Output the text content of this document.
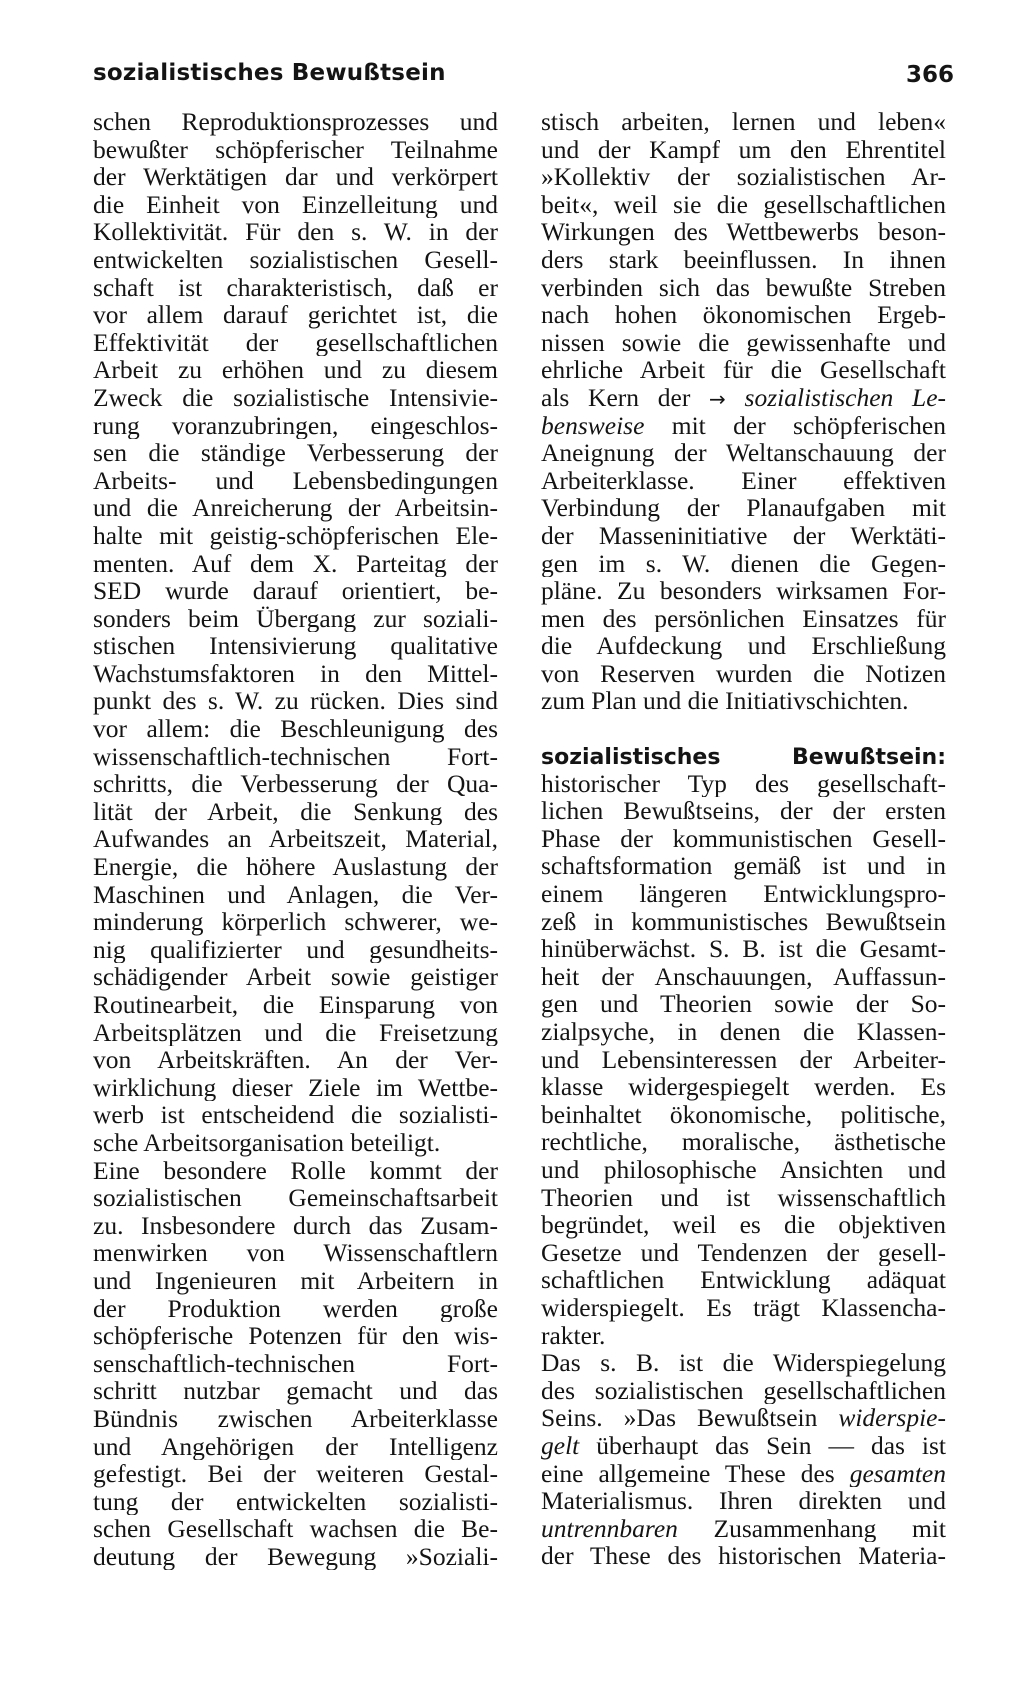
sozialistisches Bewußtsein	366
schen Reproduktionsprozesses und
bewußter schöpferischer Teilnahme
der Werktätigen dar und verkörpert
die Einheit von Einzelleitung und
Kollektivität. Für den s. W. in der
entwickelten sozialistischen Gesell-
schaft ist charakteristisch, daß er
vor allem darauf gerichtet ist, die
Effektivität der gesellschaftlichen
Arbeit zu erhöhen und zu diesem
Zweck die sozialistische Intensivie-
rung voranzubringen, eingeschlos-
sen die ständige Verbesserung der
Arbeits- und Lebensbedingungen
und die Anreicherung der Arbeitsin-
halte mit geistig-schöpferischen Ele-
menten. Auf dem X. Parteitag der
SED wurde darauf orientiert, be-
sonders beim Übergang zur soziali-
stischen Intensivierung qualitative
Wachstumsfaktoren in den Mittel-
punkt des s. W. zu rücken. Dies sind
vor allem: die Beschleunigung des
wissenschaftlich-technischen Fort-
schritts, die Verbesserung der Qua-
lität der Arbeit, die Senkung des
Aufwandes an Arbeitszeit, Material,
Energie, die höhere Auslastung der
Maschinen und Anlagen, die Ver-
minderung körperlich schwerer, we-
nig qualifizierter und gesundheits-
schädigender Arbeit sowie geistiger
Routinearbeit, die Einsparung von
Arbeitsplätzen und die Freisetzung
von Arbeitskräften. An der Ver-
wirklichung dieser Ziele im Wettbe-
werb ist entscheidend die sozialisti-
sche Arbeitsorganisation beteiligt.
Eine besondere Rolle kommt der
sozialistischen Gemeinschaftsarbeit
zu. Insbesondere durch das Zusam-
menwirken von Wissenschaftlern
und Ingenieuren mit Arbeitern in
der Produktion werden große
schöpferische Potenzen für den wis-
senschaftlich-technischen Fort-
schritt nutzbar gemacht und das
Bündnis zwischen Arbeiterklasse
und Angehörigen der Intelligenz
gefestigt. Bei der weiteren Gestal-
tung der entwickelten sozialisti-
schen Gesellschaft wachsen die Be-
deutung der Bewegung »Soziali-
stisch arbeiten, lernen und leben«
und der Kampf um den Ehrentitel
»Kollektiv der sozialistischen Ar-
beit«, weil sie die gesellschaftlichen
Wirkungen des Wettbewerbs beson-
ders stark beeinflussen. In ihnen
verbinden sich das bewußte Streben
nach hohen ökonomischen Ergeb-
nissen sowie die gewissenhafte und
ehrliche Arbeit für die Gesellschaft
als Kern der → sozialistischen Le-
bensweise mit der schöpferischen
Aneignung der Weltanschauung der
Arbeiterklasse. Einer effektiven
Verbindung der Planaufgaben mit
der Masseninitiative der Werktäti-
gen im s. W. dienen die Gegen-
pläne. Zu besonders wirksamen For-
men des persönlichen Einsatzes für
die Aufdeckung und Erschließung
von Reserven wurden die Notizen
zum Plan und die Initiativschichten.
sozialistisches Bewußtsein:
historischer Typ des gesellschaft-
lichen Bewußtseins, der der ersten
Phase der kommunistischen Gesell-
schaftsformation gemäß ist und in
einem längeren Entwicklungspro-
zeß in kommunistisches Bewußtsein
hinüberwächst. S. B. ist die Gesamt-
heit der Anschauungen, Auffassun-
gen und Theorien sowie der So-
zialpsyche, in denen die Klassen-
und Lebensinteressen der Arbeiter-
klasse widergespiegelt werden. Es
beinhaltet ökonomische, politische,
rechtliche, moralische, ästhetische
und philosophische Ansichten und
Theorien und ist wissenschaftlich
begründet, weil es die objektiven
Gesetze und Tendenzen der gesell-
schaftlichen Entwicklung adäquat
widerspiegelt. Es trägt Klassencha-
rakter.
Das s. B. ist die Widerspiegelung
des sozialistischen gesellschaftlichen
Seins. »Das Bewußtsein widerspie-
gelt überhaupt das Sein — das ist
eine allgemeine These des gesamten
Materialismus. Ihren direkten und
untrennbaren Zusammenhang mit
der These des historischen Materia-
